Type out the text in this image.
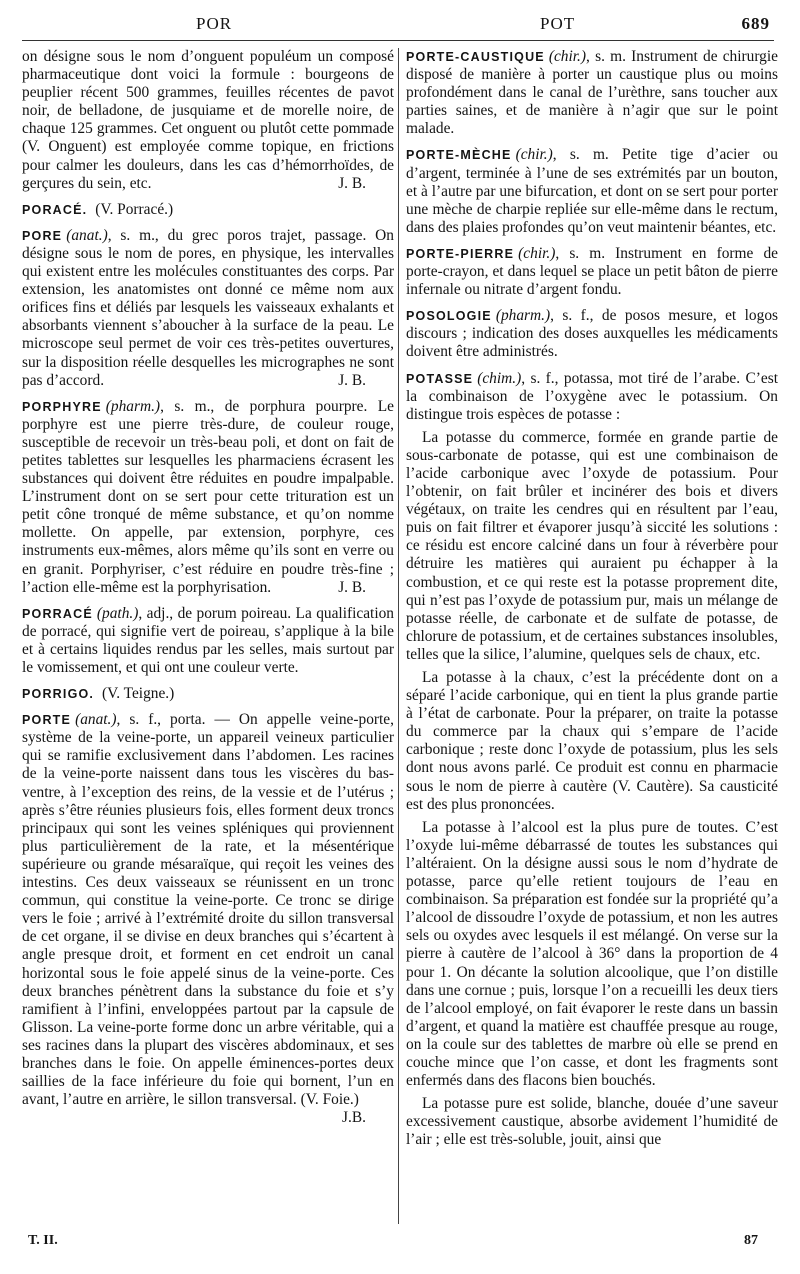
POR	POT	689
on désigne sous le nom d’onguent populéum un composé pharmaceutique dont voici la formule : bourgeons de peuplier récent 500 grammes, feuilles récentes de pavot noir, de belladone, de jusquiame et de morelle noire, de chaque 125 grammes. Cet onguent ou plutôt cette pommade (V. Onguent) est employée comme topique, en frictions pour calmer les douleurs, dans les cas d’hémorrhoïdes, de gerçures du sein, etc.	J. B.
PORACÉ. (V. Porracé.)
PORE (anat.), s. m., du grec poros trajet, passage. On désigne sous le nom de pores, en physique, les intervalles qui existent entre les molécules constituantes des corps. Par extension, les anatomistes ont donné ce même nom aux orifices fins et déliés par lesquels les vaisseaux exhalants et absorbants viennent s’aboucher à la surface de la peau. Le microscope seul permet de voir ces très-petites ouvertures, sur la disposition réelle desquelles les micrographes ne sont pas d’accord.	J. B.
PORPHYRE (pharm.), s. m., de porphura pourpre. Le porphyre est une pierre très-dure, de couleur rouge, susceptible de recevoir un très-beau poli, et dont on fait de petites tablettes sur lesquelles les pharmaciens écrasent les substances qui doivent être réduites en poudre impalpable. L’instrument dont on se sert pour cette trituration est un petit cône tronqué de même substance, et qu’on nomme mollette. On appelle, par extension, porphyre, ces instruments eux-mêmes, alors même qu’ils sont en verre ou en granit. Porphyriser, c’est réduire en poudre très-fine ; l’action elle-même est la porphyrisation.	J. B.
PORRACÉ (path.), adj., de porum poireau. La qualification de porracé, qui signifie vert de poireau, s’applique à la bile et à certains liquides rendus par les selles, mais surtout par le vomissement, et qui ont une couleur verte.
PORRIGO. (V. Teigne.)
PORTE (anat.), s. f., porta. — On appelle veine-porte, système de la veine-porte, un appareil veineux particulier qui se ramifie exclusivement dans l’abdomen. Les racines de la veine-porte naissent dans tous les viscères du bas-ventre, à l’exception des reins, de la vessie et de l’utérus ; après s’être réunies plusieurs fois, elles forment deux troncs principaux qui sont les veines spléniques qui proviennent plus particulièrement de la rate, et la mésentérique supérieure ou grande mésaraïque, qui reçoit les veines des intestins. Ces deux vaisseaux se réunissent en un tronc commun, qui constitue la veine-porte. Ce tronc se dirige vers le foie ; arrivé à l’extrémité droite du sillon transversal de cet organe, il se divise en deux branches qui s’écartent à angle presque droit, et forment en cet endroit un canal horizontal sous le foie appelé sinus de la veine-porte. Ces deux branches pénètrent dans la substance du foie et s’y ramifient à l’infini, enveloppées partout par la capsule de Glisson. La veine-porte forme donc un arbre véritable, qui a ses racines dans la plupart des viscères abdominaux, et ses branches dans le foie. On appelle éminences-portes deux saillies de la face inférieure du foie qui bornent, l’un en avant, l’autre en arrière, le sillon transversal. (V. Foie.)
J.B.
PORTE-CAUSTIQUE (chir.), s. m. Instrument de chirurgie disposé de manière à porter un caustique plus ou moins profondément dans le canal de l’urèthre, sans toucher aux parties saines, et de manière à n’agir que sur le point malade.
PORTE-MÈCHE (chir.), s. m. Petite tige d’acier ou d’argent, terminée à l’une de ses extrémités par un bouton, et à l’autre par une bifurcation, et dont on se sert pour porter une mèche de charpie repliée sur elle-même dans le rectum, dans des plaies profondes qu’on veut maintenir béantes, etc.
PORTE-PIERRE (chir.), s. m. Instrument en forme de porte-crayon, et dans lequel se place un petit bâton de pierre infernale ou nitrate d’argent fondu.
POSOLOGIE (pharm.), s. f., de posos mesure, et logos discours ; indication des doses auxquelles les médicaments doivent être administrés.
POTASSE (chim.), s. f., potassa, mot tiré de l’arabe. C’est la combinaison de l’oxygène avec le potassium. On distingue trois espèces de potasse :

La potasse du commerce, formée en grande partie de sous-carbonate de potasse, qui est une combinaison de l’acide carbonique avec l’oxyde de potassium. Pour l’obtenir, on fait brûler et incinérer des bois et divers végétaux, on traite les cendres qui en résultent par l’eau, puis on fait filtrer et évaporer jusqu’à siccité les solutions : ce résidu est encore calciné dans un four à réverbère pour détruire les matières qui auraient pu échapper à la combustion, et ce qui reste est la potasse proprement dite, qui n’est pas l’oxyde de potassium pur, mais un mélange de potasse réelle, de carbonate et de sulfate de potasse, de chlorure de potassium, et de certaines substances insolubles, telles que la silice, l’alumine, quelques sels de chaux, etc.

La potasse à la chaux, c’est la précédente dont on a séparé l’acide carbonique, qui en tient la plus grande partie à l’état de carbonate. Pour la préparer, on traite la potasse du commerce par la chaux qui s’empare de l’acide carbonique ; reste donc l’oxyde de potassium, plus les sels dont nous avons parlé. Ce produit est connu en pharmacie sous le nom de pierre à cautère (V. Cautère). Sa causticité est des plus prononcées.

La potasse à l’alcool est la plus pure de toutes. C’est l’oxyde lui-même débarrassé de toutes les substances qui l’altéraient. On la désigne aussi sous le nom d’hydrate de potasse, parce qu’elle retient toujours de l’eau en combinaison. Sa préparation est fondée sur la propriété qu’a l’alcool de dissoudre l’oxyde de potassium, et non les autres sels ou oxydes avec lesquels il est mélangé. On verse sur la pierre à cautère de l’alcool à 36° dans la proportion de 4 pour 1. On décante la solution alcoolique, que l’on distille dans une cornue ; puis, lorsque l’on a recueilli les deux tiers de l’alcool employé, on fait évaporer le reste dans un bassin d’argent, et quand la matière est chauffée presque au rouge, on la coule sur des tablettes de marbre où elle se prend en couche mince que l’on casse, et dont les fragments sont enfermés dans des flacons bien bouchés.

La potasse pure est solide, blanche, douée d’une saveur excessivement caustique, absorbe avidement l’humidité de l’air ; elle est très-soluble, jouit, ainsi que

T. II.	87
